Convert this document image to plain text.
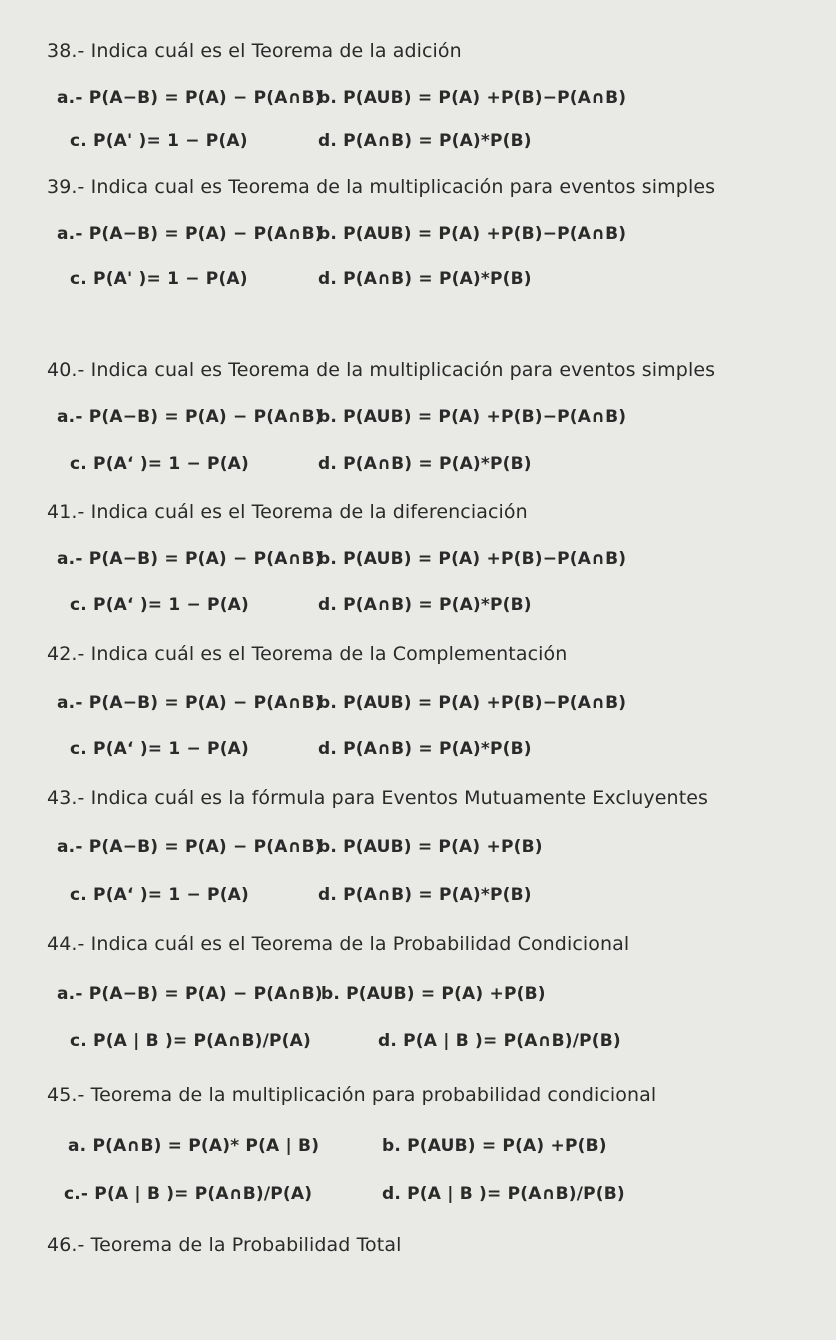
38.- Indica cuál es el Teorema de la adición
a.- P(A−B) = P(A) − P(A∩B)
b. P(AUB) = P(A) +P(B)−P(A∩B)
c. P(A' )= 1 − P(A)	d. P(A∩B) = P(A)*P(B)
39.- Indica cual es Teorema de la multiplicación para eventos simples
a.- P(A−B) = P(A) − P(A∩B)
b. P(AUB) = P(A) +P(B)−P(A∩B)
c. P(A' )= 1 − P(A)	d. P(A∩B) = P(A)*P(B)
40.- Indica cual es Teorema de la multiplicación para eventos simples
a.- P(A−B) = P(A) − P(A∩B)
b. P(AUB) = P(A) +P(B)−P(A∩B)
c. P(A‘ )= 1 − P(A)	d. P(A∩B) = P(A)*P(B)
41.- Indica cuál es el Teorema de la diferenciación
a.- P(A−B) = P(A) − P(A∩B)
b. P(AUB) = P(A) +P(B)−P(A∩B)
c. P(A‘ )= 1 − P(A)	d. P(A∩B) = P(A)*P(B)
42.- Indica cuál es el Teorema de la Complementación
a.- P(A−B) = P(A) − P(A∩B)
b. P(AUB) = P(A) +P(B)−P(A∩B)
c. P(A‘ )= 1 − P(A)	d. P(A∩B) = P(A)*P(B)
43.- Indica cuál es la fórmula para Eventos Mutuamente Excluyentes
a.- P(A−B) = P(A) − P(A∩B)
b. P(AUB) = P(A) +P(B)
c. P(A‘ )= 1 − P(A)	d. P(A∩B) = P(A)*P(B)
44.- Indica cuál es el Teorema de la Probabilidad Condicional
a.- P(A−B) = P(A) − P(A∩B)
b. P(AUB) = P(A) +P(B)
c. P(A | B )= P(A∩B)/P(A)	d. P(A | B )= P(A∩B)/P(B)
45.- Teorema de la multiplicación para probabilidad condicional
a. P(A∩B) = P(A)* P(A | B)	b. P(AUB) = P(A) +P(B)
c.- P(A | B )= P(A∩B)/P(A)	d. P(A | B )= P(A∩B)/P(B)
46.- Teorema de la Probabilidad Total
